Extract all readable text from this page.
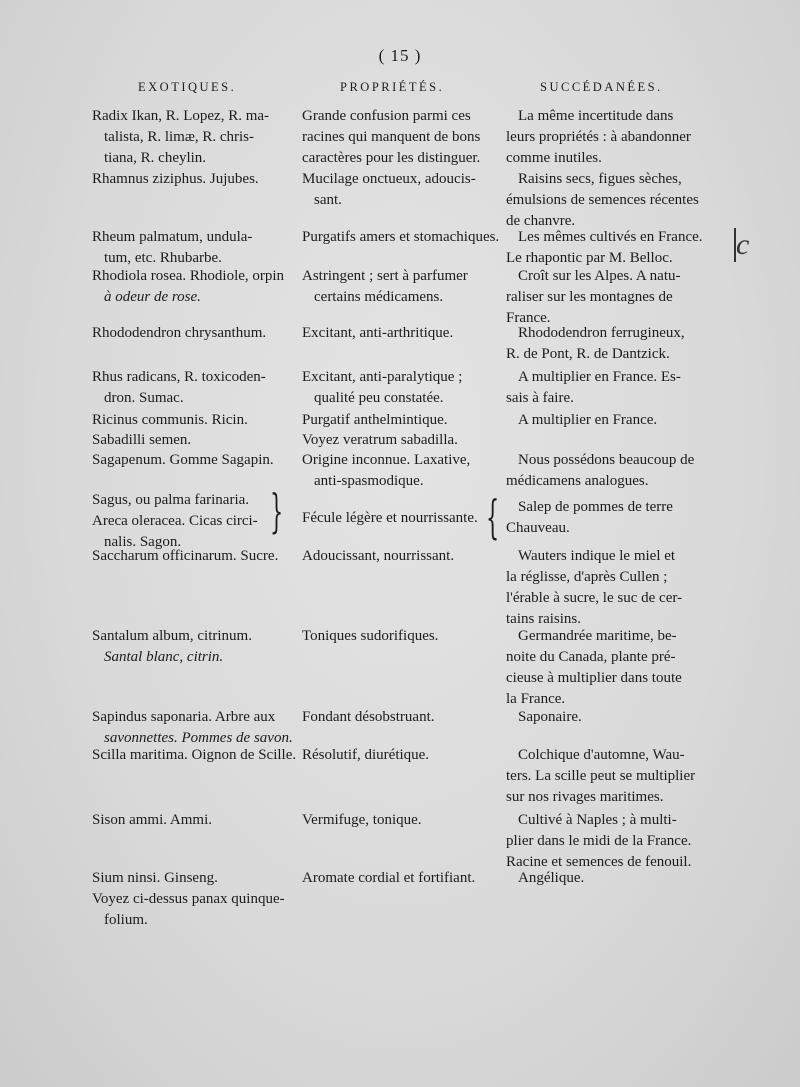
( 15 )
EXOTIQUES.	PROPRIÉTÉS.	SUCCÉDANÉES.
Radix Ikan, R. Lopez, R. ma-
talista, R. limæ, R. chris-
tiana, R. cheylin.
Rhamnus ziziphus. Jujubes.
Rheum palmatum, undula-
tum, etc. Rhubarbe.
Rhodiola rosea. Rhodiole, orpin
à odeur de rose.
Rhododendron chrysanthum.
Rhus radicans, R. toxicoden-
dron. Sumac.
Ricinus communis. Ricin.
Sabadilli semen.
Sagapenum. Gomme Sagapin.
Sagus, ou palma farinaria.
Areca oleracea. Cicas circi-
nalis. Sagon.
}
Saccharum officinarum. Sucre.
Santalum album, citrinum.
Santal blanc, citrin.
Sapindus saponaria. Arbre aux
savonnettes. Pommes de savon.
Scilla maritima. Oignon de Scille.
Sison ammi. Ammi.
Sium ninsi. Ginseng.
Voyez ci-dessus panax quinque-
folium.
Grande confusion parmi ces
racines qui manquent de bons
caractères pour les distinguer.
Mucilage onctueux, adoucis-
sant.
Purgatifs amers et stomachiques.
Astringent ; sert à parfumer
certains médicamens.
Excitant, anti-arthritique.
Excitant, anti-paralytique ;
qualité peu constatée.
Purgatif anthelmintique.
Voyez veratrum sabadilla.
Origine inconnue. Laxative,
anti-spasmodique.
Fécule légère et nourrissante. {
Adoucissant, nourrissant.
Toniques sudorifiques.
Fondant désobstruant.
Résolutif, diurétique.
Vermifuge, tonique.
Aromate cordial et fortifiant.
La même incertitude dans
leurs propriétés : à abandonner
comme inutiles.
Raisins secs, figues sèches,
émulsions de semences récentes
de chanvre.
Les mêmes cultivés en France.
Le rhapontic par M. Belloc.
Croît sur les Alpes. A natu-
raliser sur les montagnes de
France.
Rhododendron ferrugineux,
R. de Pont, R. de Dantzick.
A multiplier en France. Es-
sais à faire.
A multiplier en France.
Nous possédons beaucoup de
médicamens analogues.
Salep de pommes de terre
Chauveau.
Wauters indique le miel et
la réglisse, d'après Cullen ;
l'érable à sucre, le suc de cer-
tains raisins.
Germandrée maritime, be-
noite du Canada, plante pré-
cieuse à multiplier dans toute
la France.
Saponaire.
Colchique d'automne, Wau-
ters. La scille peut se multiplier
sur nos rivages maritimes.
Cultivé à Naples ; à multi-
plier dans le midi de la France.
Racine et semences de fenouil.
Angélique.
c
